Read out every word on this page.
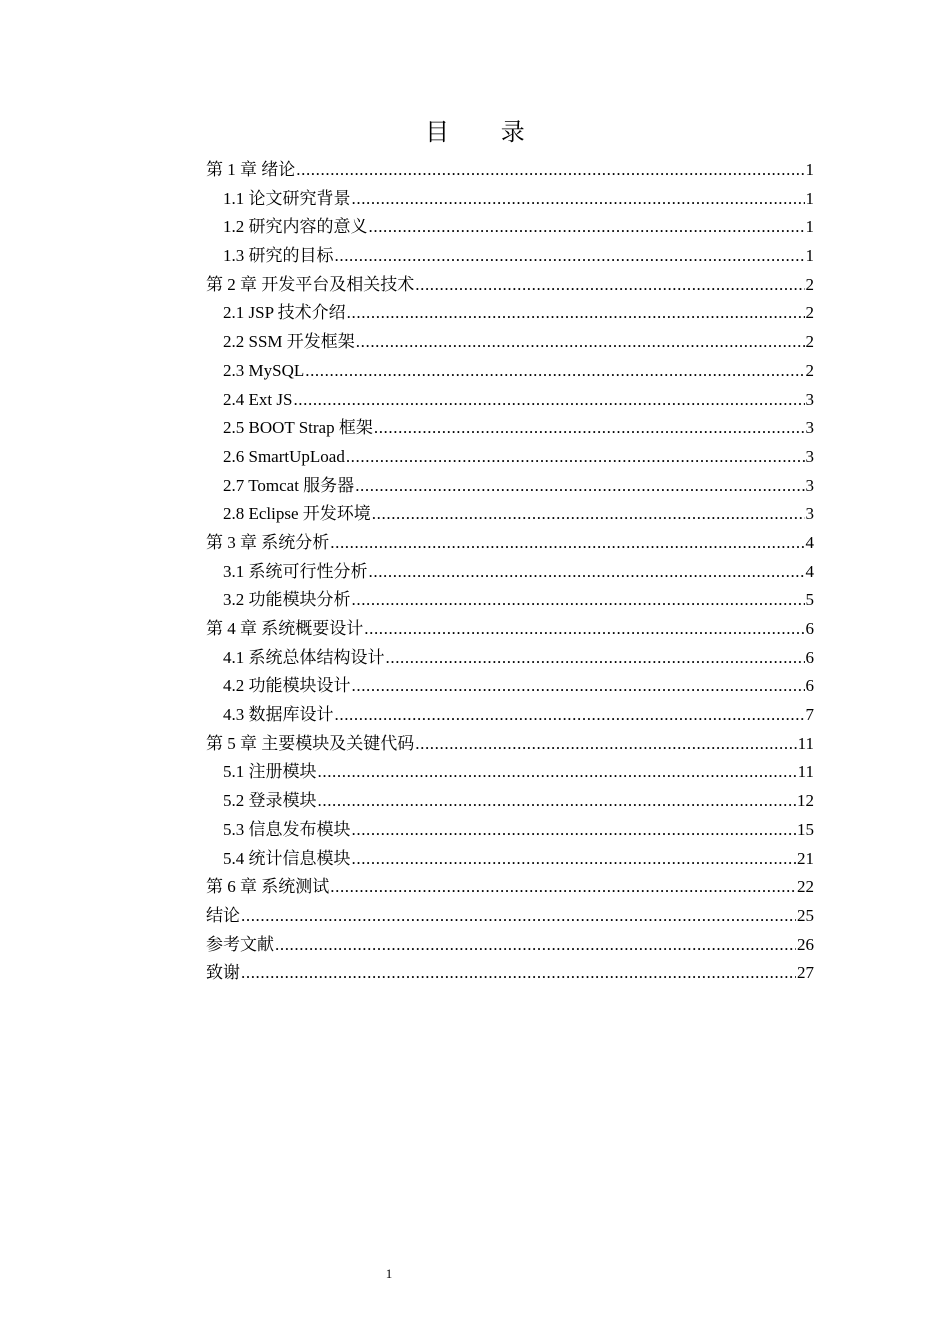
目 录
第 1 章 绪论 .....	1
1.1 论文研究背景 .....	1
1.2 研究内容的意义 .....	1
1.3 研究的目标 .....	1
第 2 章 开发平台及相关技术 .....	2
2.1 JSP 技术介绍 .....	2
2.2 SSM 开发框架 .....	2
2.3 MySQL .....	2
2.4 Ext JS .....	3
2.5 BOOT Strap 框架 .....	3
2.6 SmartUpLoad .....	3
2.7 Tomcat 服务器 .....	3
2.8 Eclipse 开发环境 .....	3
第 3 章 系统分析 .....	4
3.1 系统可行性分析 .....	4
3.2 功能模块分析 .....	5
第 4 章 系统概要设计 .....	6
4.1 系统总体结构设计 .....	6
4.2 功能模块设计 .....	6
4.3 数据库设计 .....	7
第 5 章 主要模块及关键代码 .....	11
5.1 注册模块 .....	11
5.2 登录模块 .....	12
5.3 信息发布模块 .....	15
5.4 统计信息模块 .....	21
第 6 章 系统测试 .....	22
结论 .....	25
参考文献 .....	26
致谢 .....	27
1
